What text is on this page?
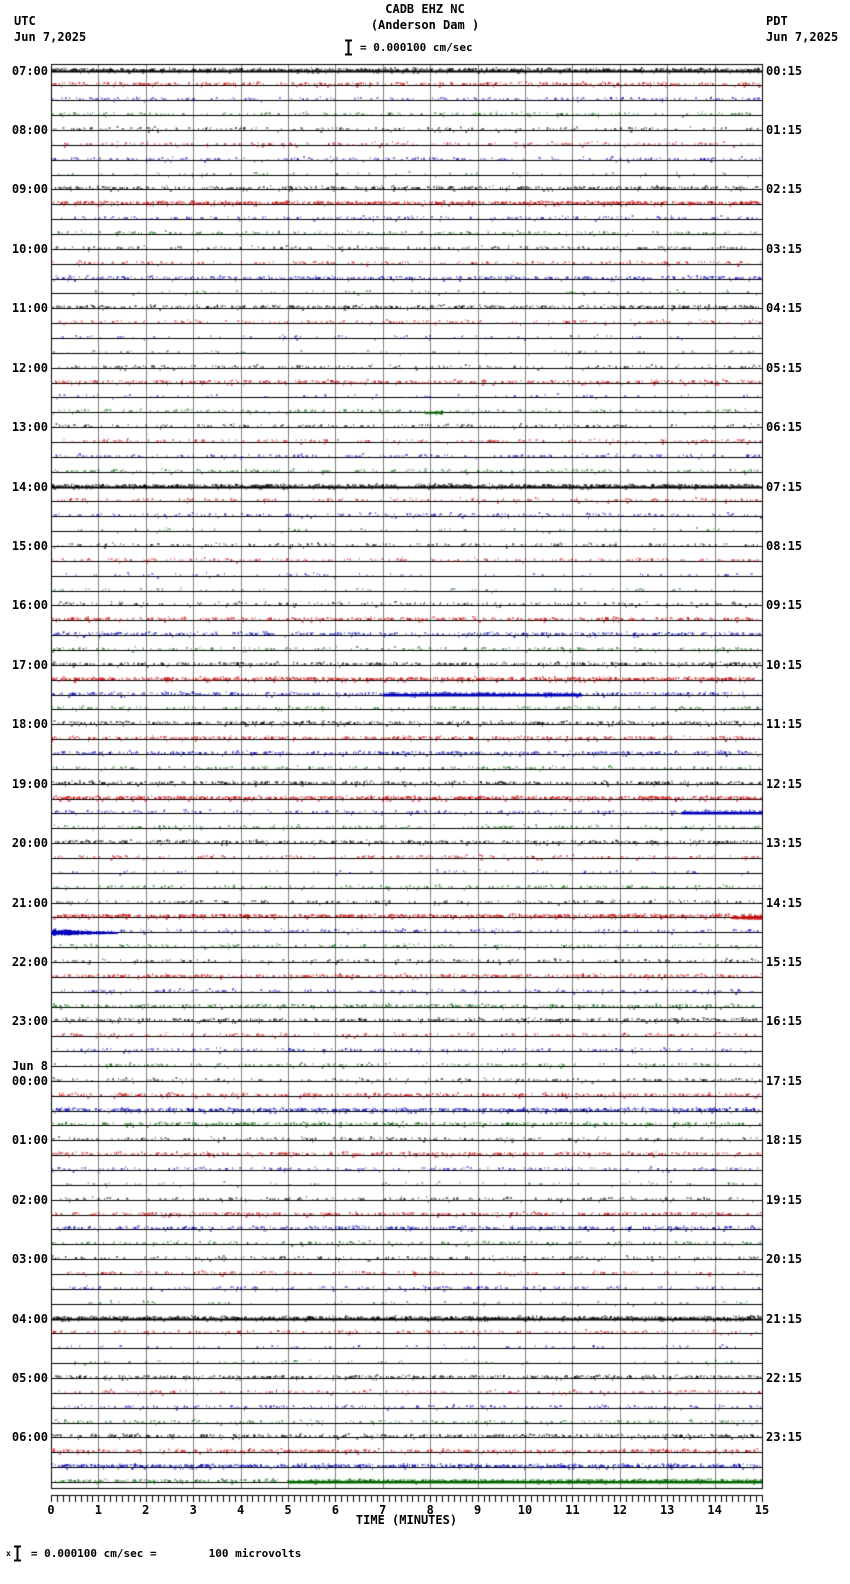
UTC
Jun 7,2025
PDT
Jun 7,2025
CADB EHZ NC
(Anderson Dam )
= 0.000100 cm/sec
07:00
08:00
09:00
10:00
11:00
12:00
13:00
14:00
15:00
16:00
17:00
18:00
19:00
20:00
21:00
22:00
23:00
Jun 8
00:00
01:00
02:00
03:00
04:00
05:00
06:00
00:15
01:15
02:15
03:15
04:15
05:15
06:15
07:15
08:15
09:15
10:15
11:15
12:15
13:15
14:15
15:15
16:15
17:15
18:15
19:15
20:15
21:15
22:15
23:15
0	1	2	3	4	5	6	7	8	9	10	11	12	13	14	15
TIME (MINUTES)
x = 0.000100 cm/sec =	100 microvolts
